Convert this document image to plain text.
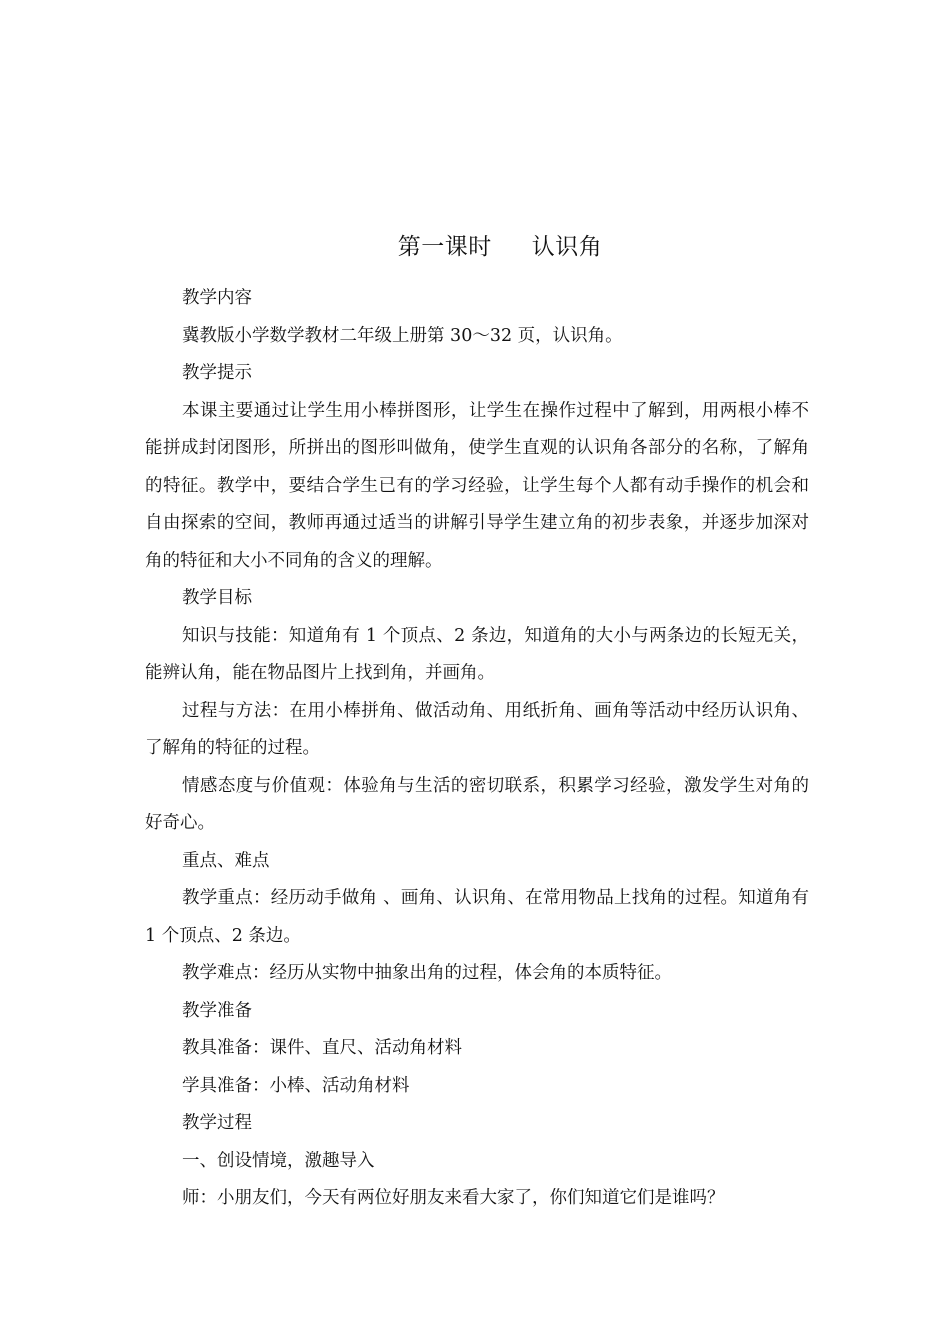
第一课时 认识角

教学内容

冀教版小学数学教材二年级上册第 30～32 页，认识角。

教学提示

本课主要通过让学生用小棒拼图形，让学生在操作过程中了解到，用两根小棒不能拼成封闭图形，所拼出的图形叫做角，使学生直观的认识角各部分的名称，了解角的特征。教学中，要结合学生已有的学习经验，让学生每个人都有动手操作的机会和自由探索的空间，教师再通过适当的讲解引导学生建立角的初步表象，并逐步加深对角的特征和大小不同角的含义的理解。

教学目标

知识与技能：知道角有 1 个顶点、2 条边，知道角的大小与两条边的长短无关，能辨认角，能在物品图片上找到角，并画角。

过程与方法：在用小棒拼角、做活动角、用纸折角、画角等活动中经历认识角、了解角的特征的过程。

情感态度与价值观：体验角与生活的密切联系，积累学习经验，激发学生对角的好奇心。

重点、难点

教学重点：经历动手做角 、画角、认识角、在常用物品上找角的过程。知道角有 1 个顶点、2 条边。

教学难点：经历从实物中抽象出角的过程，体会角的本质特征。

教学准备

教具准备：课件、直尺、活动角材料

学具准备：小棒、活动角材料

教学过程

一、创设情境，激趣导入

师：小朋友们，今天有两位好朋友来看大家了，你们知道它们是谁吗？
